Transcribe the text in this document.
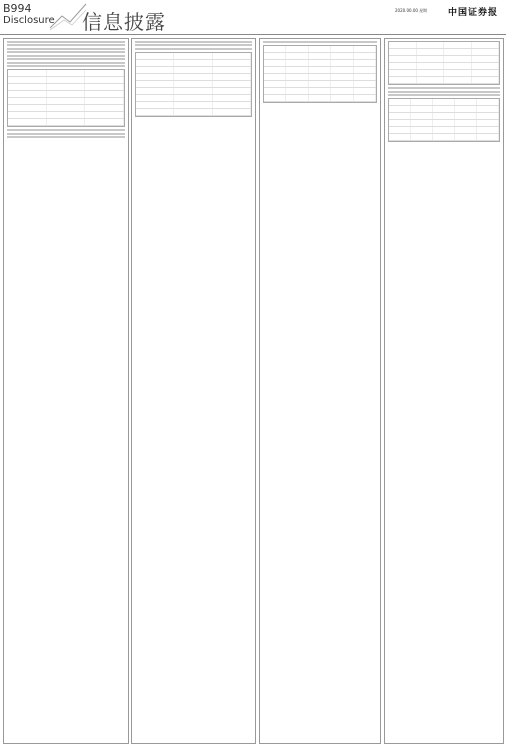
B994
Disclosure 信息披露	2020.00.00 星期 中国证券报
